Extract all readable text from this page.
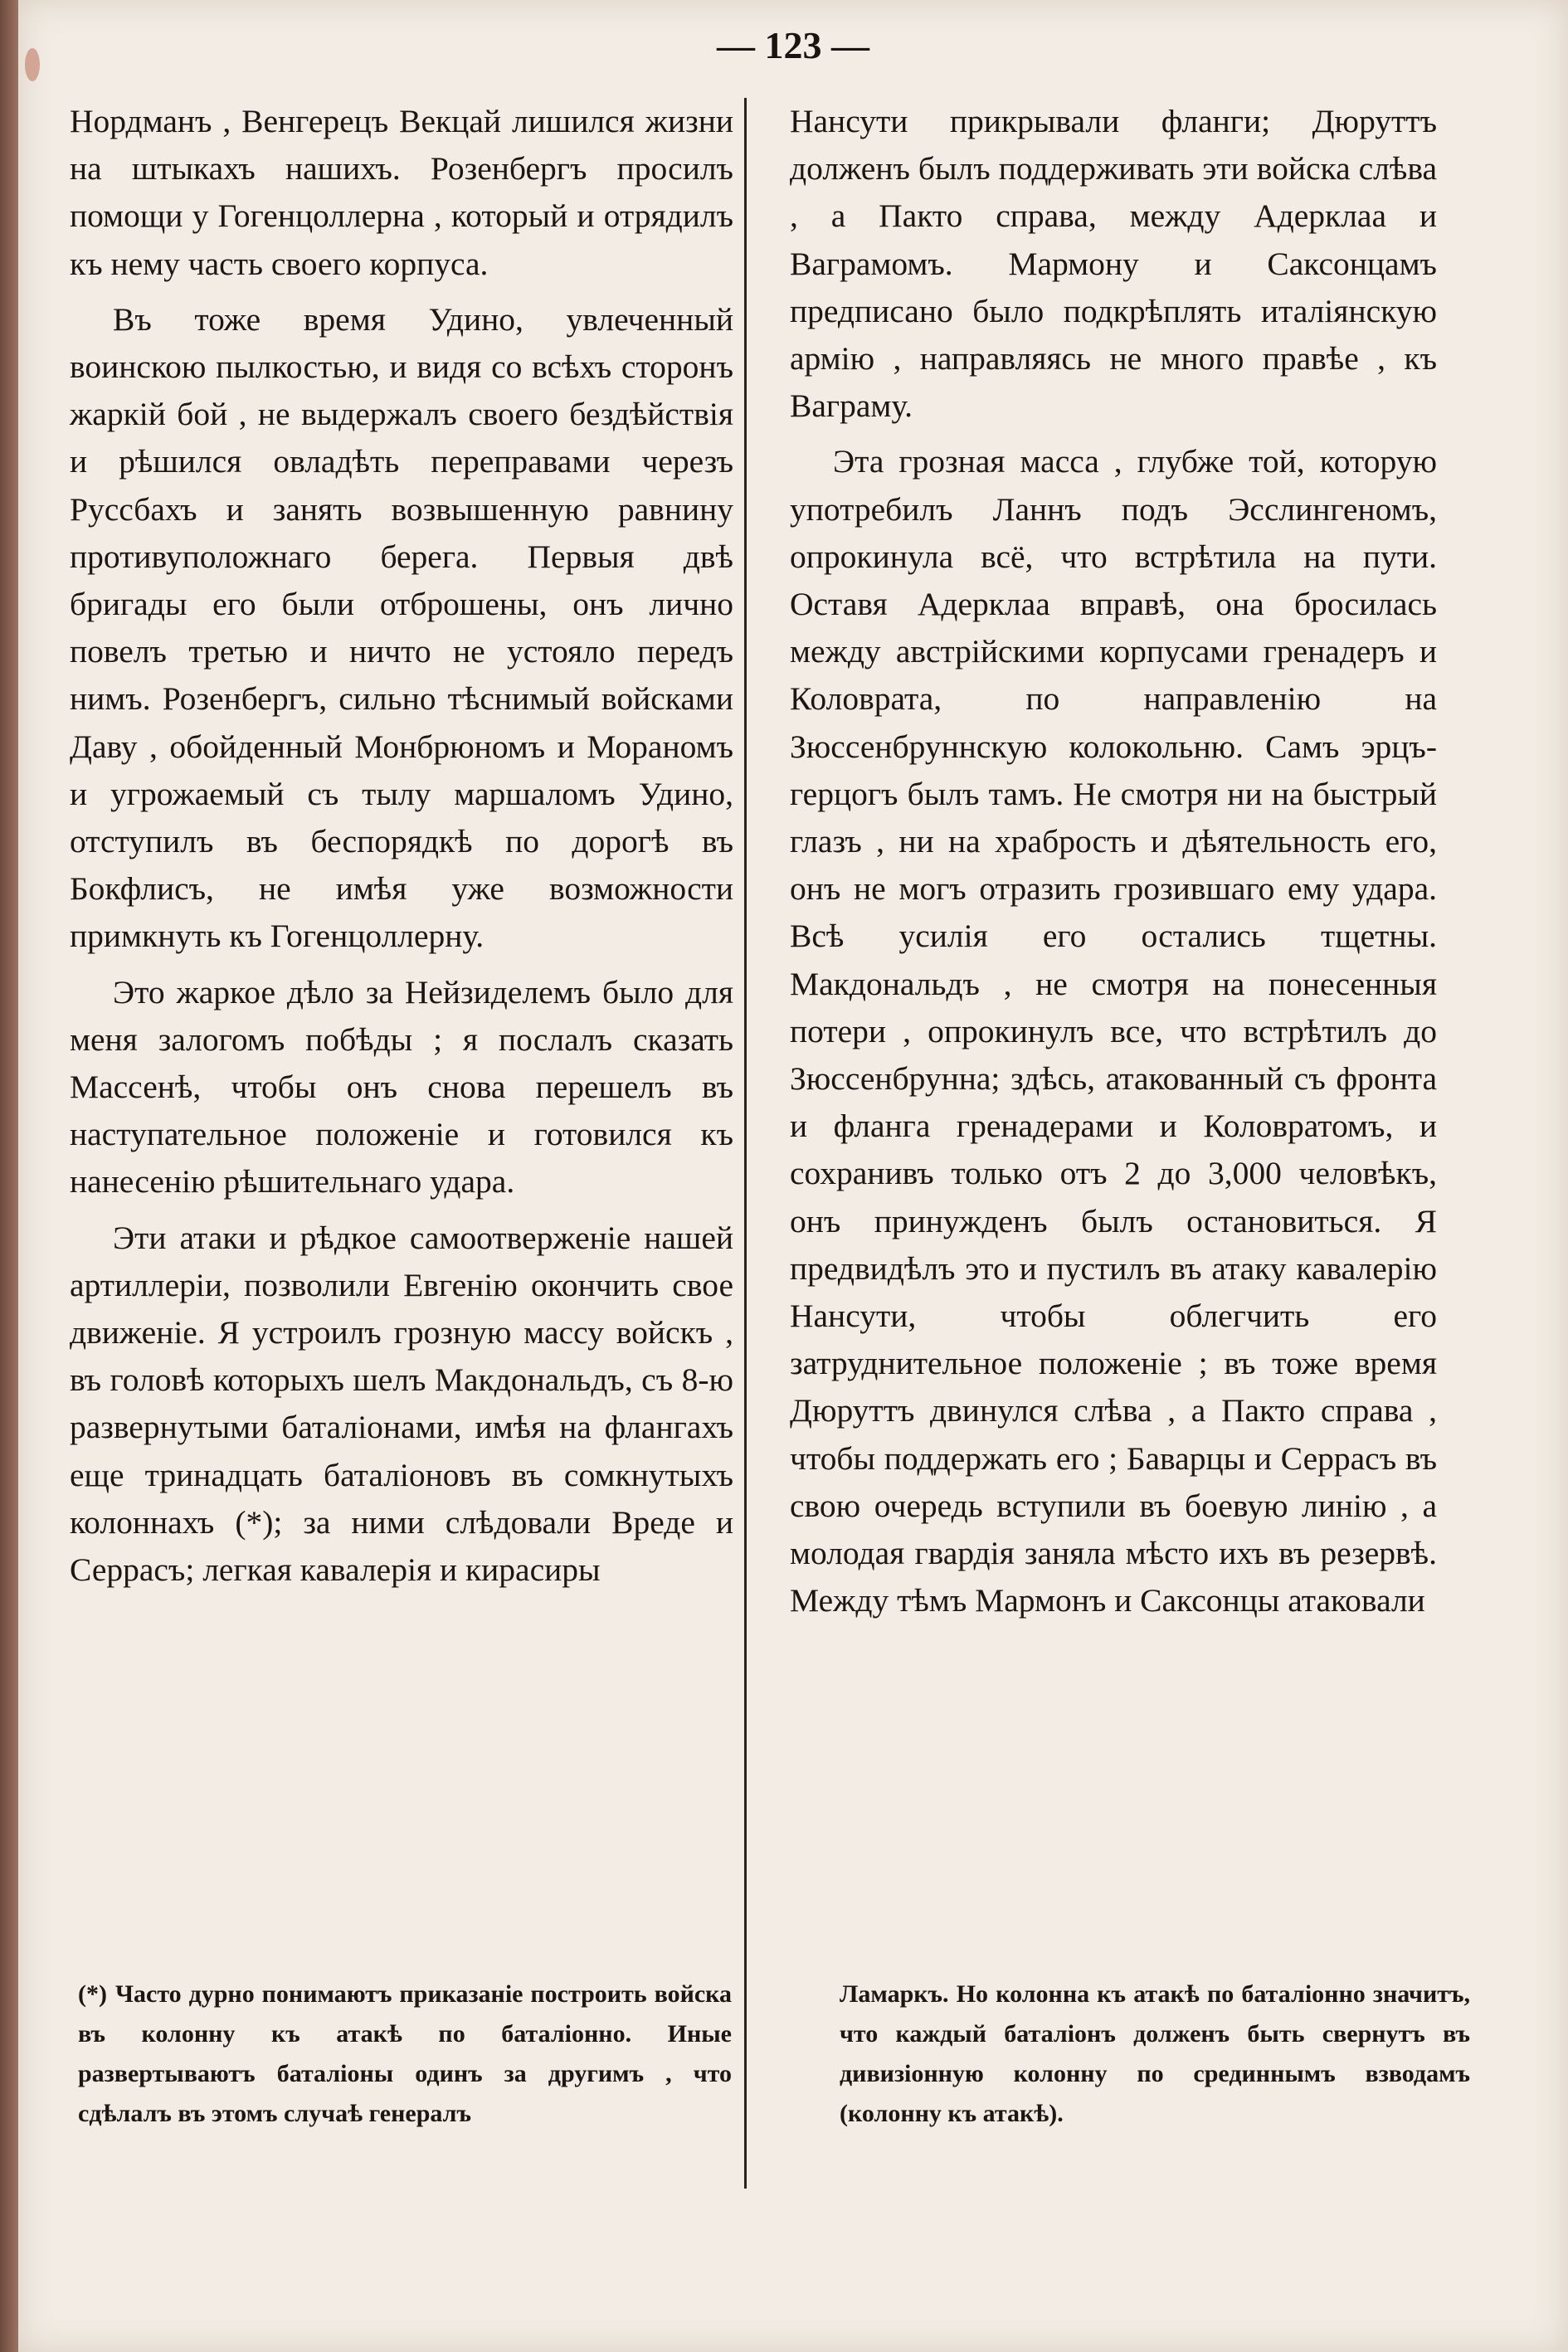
— 123 —

Нордманъ , Венгерецъ Векцай лишился жизни на штыкахъ нашихъ. Розенбергъ просилъ помощи у Гогенцоллерна , который и отрядилъ къ нему часть своего корпуса.

Въ тоже время Удино, увлеченный воинскою пылкостью, и видя со всѣхъ сторонъ жаркій бой , не выдержалъ своего бездѣйствія и рѣшился овладѣть переправами черезъ Руссбахъ и занять возвышенную равнину противуположнаго берега. Первыя двѣ бригады его были отброшены, онъ лично повелъ третью и ничто не устояло передъ нимъ. Розенбергъ, сильно тѣснимый войсками Даву , обойденный Монбрюномъ и Мораномъ и угрожаемый съ тылу маршаломъ Удино, отступилъ въ беспорядкѣ по дорогѣ въ Бокфлисъ, не имѣя уже возможности примкнуть къ Гогенцоллерну.

Это жаркое дѣло за Нейзиделемъ было для меня залогомъ побѣды ; я послалъ сказать Массенѣ, чтобы онъ снова перешелъ въ наступательное положеніе и готовился къ нанесенію рѣшительнаго удара.

Эти атаки и рѣдкое самоотверженіе нашей артиллеріи, позволили Евгенію окончить свое движеніе. Я устроилъ грозную массу войскъ , въ головѣ которыхъ шелъ Макдональдъ, съ 8-ю развернутыми баталіонами, имѣя на флангахъ еще тринадцать баталіоновъ въ сомкнутыхъ колоннахъ (*); за ними слѣдовали Вреде и Серрасъ; легкая кавалерія и кирасиры

Нансути прикрывали фланги; Дюруттъ долженъ былъ поддерживать эти войска слѣва , а Пакто справа, между Адерклаа и Ваграмомъ. Мармону и Саксонцамъ предписано было подкрѣплять италіянскую армію , направляясь не много правѣе , къ Ваграму.

Эта грозная масса , глубже той, которую употребилъ Ланнъ подъ Эсслингеномъ, опрокинула всё, что встрѣтила на пути. Оставя Адерклаа вправѣ, она бросилась между австрійскими корпусами гренадеръ и Коловрата, по направленію на Зюссенбруннскую колокольню. Самъ эрцъ-герцогъ былъ тамъ. Не смотря ни на быстрый глазъ , ни на храбрость и дѣятельность его, онъ не могъ отразить грозившаго ему удара. Всѣ усилія его остались тщетны. Макдональдъ , не смотря на понесенныя потери , опрокинулъ все, что встрѣтилъ до Зюссенбрунна; здѣсь, атакованный съ фронта и фланга гренадерами и Коловратомъ, и сохранивъ только отъ 2 до 3,000 человѣкъ, онъ принужденъ былъ остановиться. Я предвидѣлъ это и пустилъ въ атаку кавалерію Нансути, чтобы облегчить его затруднительное положеніе ; въ тоже время Дюруттъ двинулся слѣва , а Пакто справа , чтобы поддержать его ; Баварцы и Серрасъ въ свою очередь вступили въ боевую линію , а молодая гвардія заняла мѣсто ихъ въ резервѣ. Между тѣмъ Мармонъ и Саксонцы атаковали

(*) Часто дурно понимаютъ приказаніе построить войска въ колонну къ атакѣ по баталіонно. Иные развертываютъ баталіоны одинъ за другимъ , что сдѣлалъ въ этомъ случаѣ генералъ
Ламаркъ. Но колонна къ атакѣ по баталіонно значитъ, что каждый баталіонъ долженъ быть свернутъ въ дивизіонную колонну по срединнымъ взводамъ (колонну къ атакѣ).
